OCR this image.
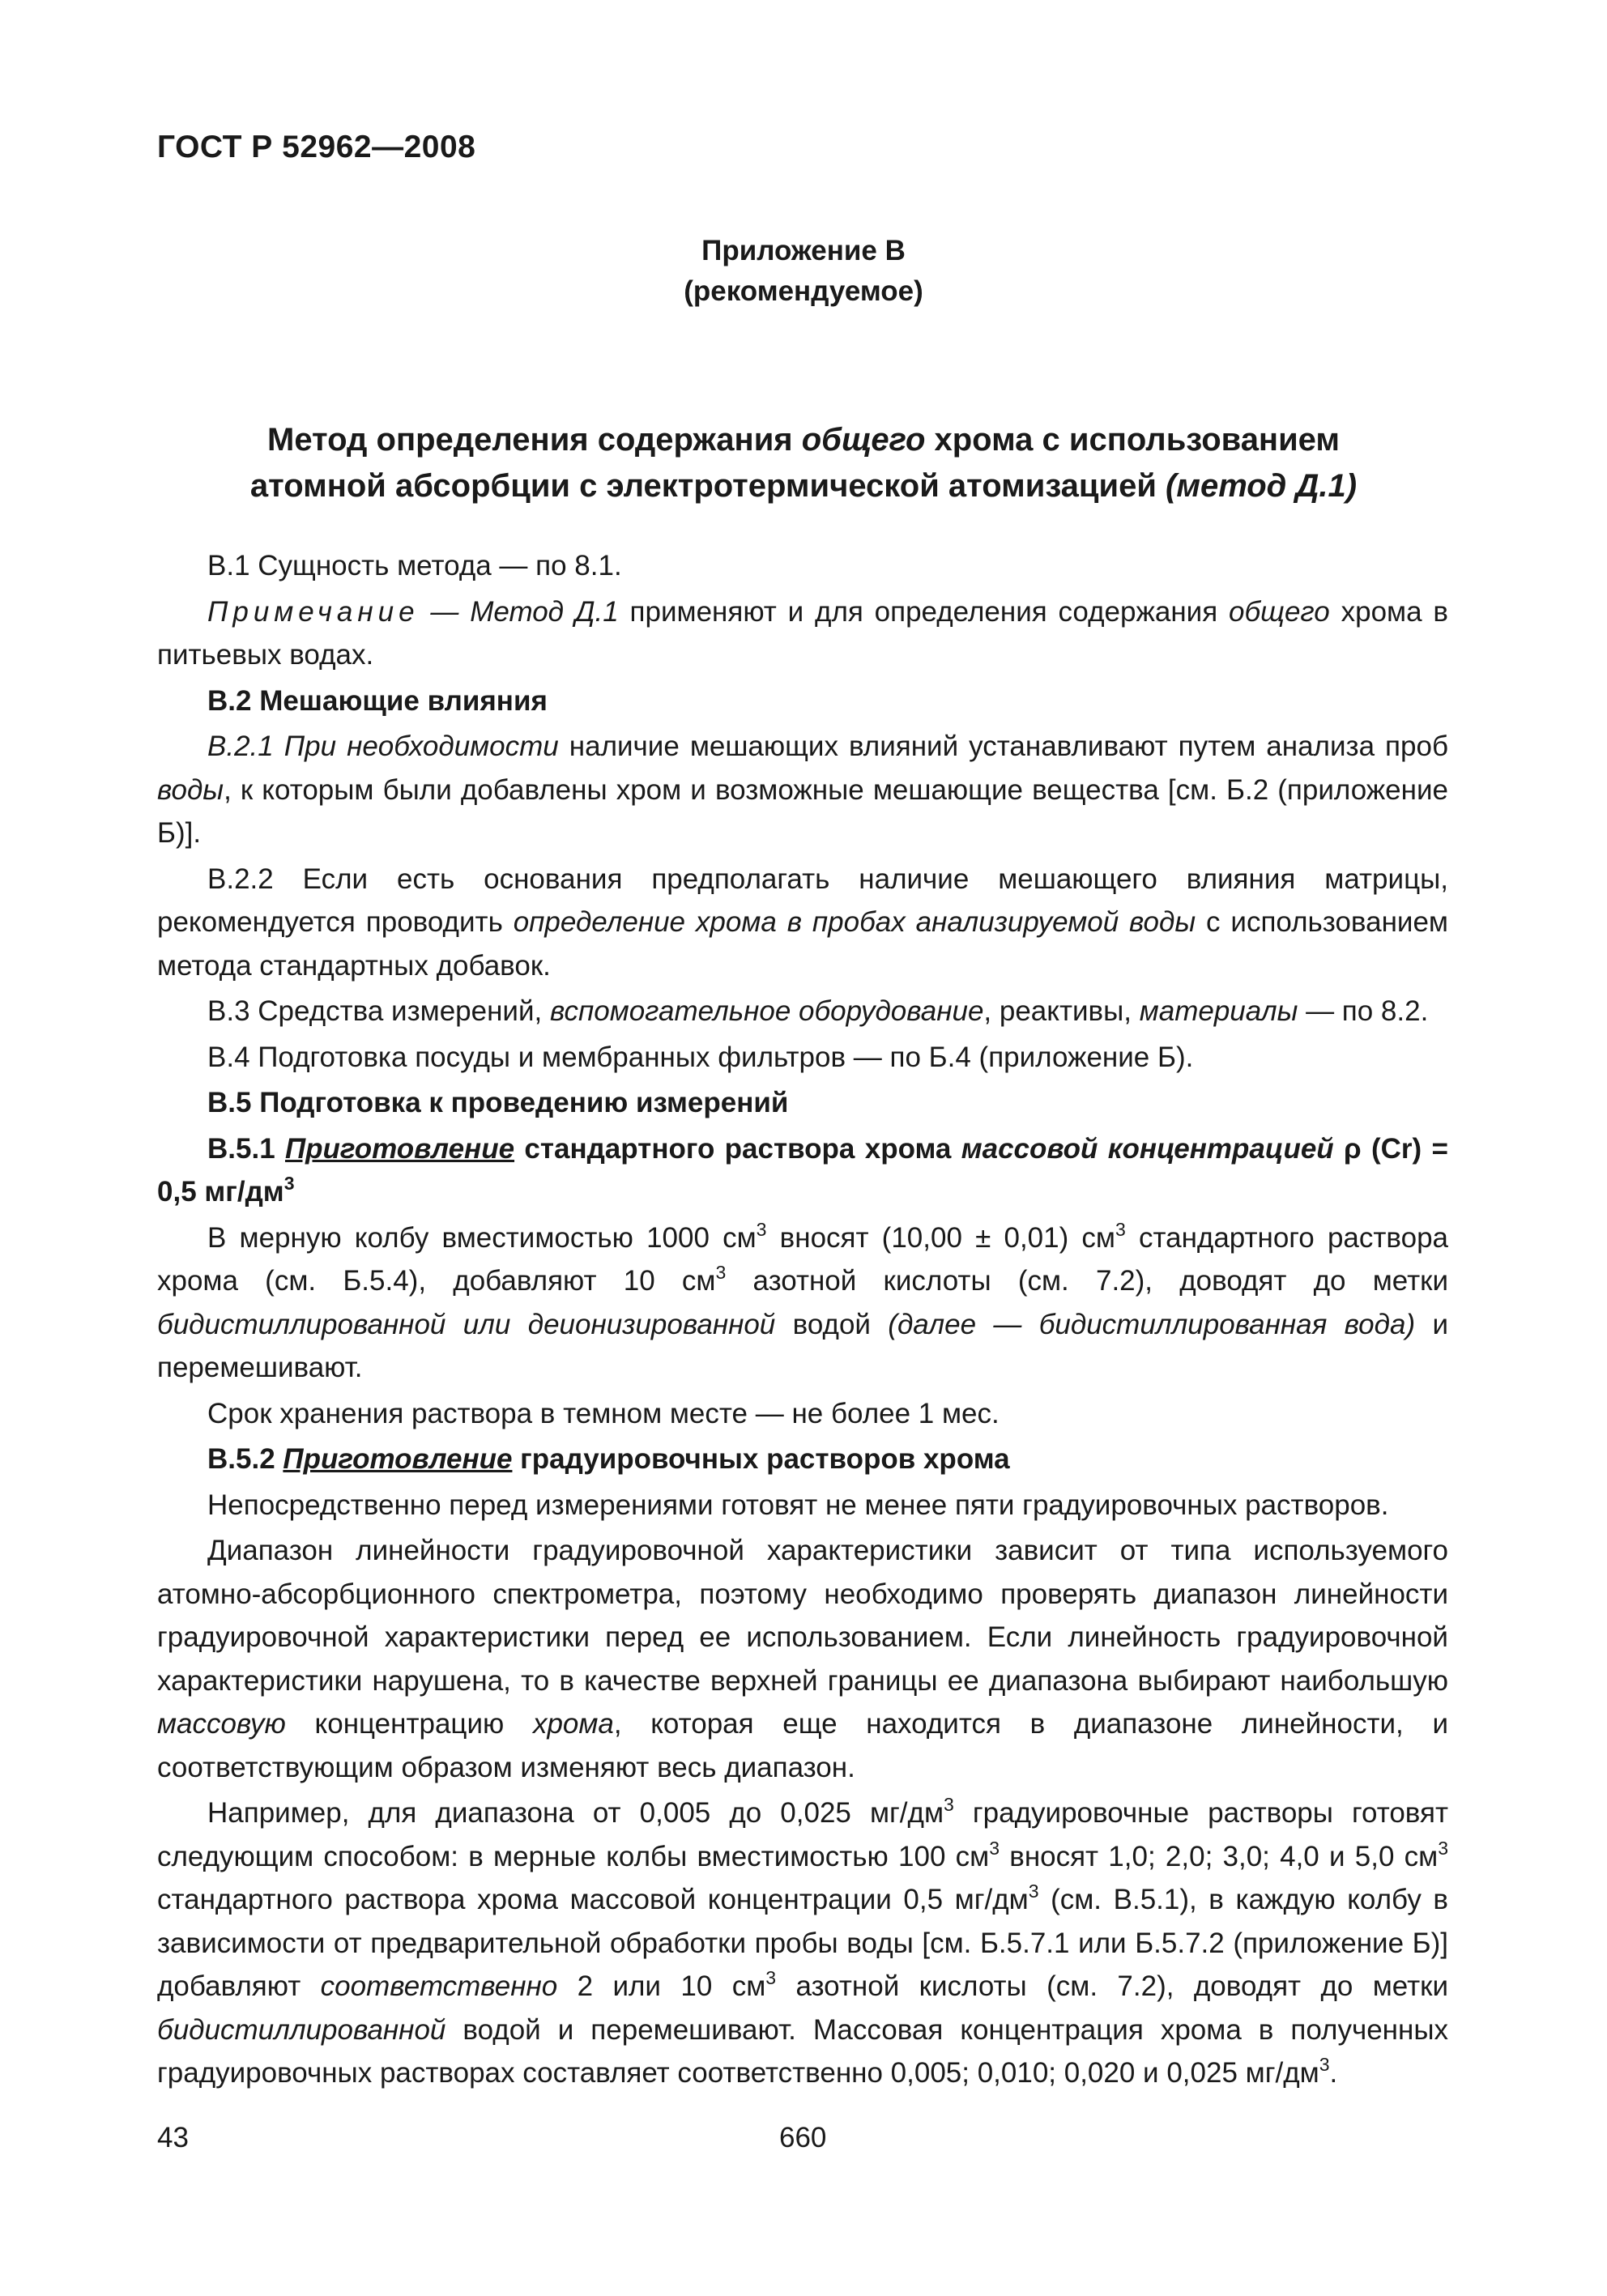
ГОСТ Р 52962—2008
Приложение В
(рекомендуемое)
Метод определения содержания общего хрома с использованием
атомной абсорбции с электротермической атомизацией (метод Д.1)

В.1 Сущность метода — по 8.1.

Примечание — Метод Д.1 применяют и для определения содержания общего хрома в питьевых водах.

В.2 Мешающие влияния

В.2.1 При необходимости наличие мешающих влияний устанавливают путем анализа проб воды, к которым были добавлены хром и возможные мешающие вещества [см. Б.2 (приложение Б)].

В.2.2 Если есть основания предполагать наличие мешающего влияния матрицы, рекомендуется проводить определение хрома в пробах анализируемой воды с использованием метода стандартных добавок.

В.3 Средства измерений, вспомогательное оборудование, реактивы, материалы — по 8.2.

В.4 Подготовка посуды и мембранных фильтров — по Б.4 (приложение Б).

В.5 Подготовка к проведению измерений

В.5.1 Приготовление стандартного раствора хрома массовой концентрацией ρ (Cr) = 0,5 $мг/дм^3$

В мерную колбу вместимостью 1000 $см^3$ вносят (10,00 ± 0,01) $см^3$ стандартного раствора хрома (см. Б.5.4), добавляют 10 $см^3$ азотной кислоты (см. 7.2), доводят до метки бидистиллированной или деионизированной водой (далее — бидистиллированная вода) и перемешивают.

Срок хранения раствора в темном месте — не более 1 мес.

В.5.2 Приготовление градуировочных растворов хрома

Непосредственно перед измерениями готовят не менее пяти градуировочных растворов.

Диапазон линейности градуировочной характеристики зависит от типа используемого атомно-абсорбционного спектрометра, поэтому необходимо проверять диапазон линейности градуировочной характеристики перед ее использованием. Если линейность градуировочной характеристики нарушена, то в качестве верхней границы ее диапазона выбирают наибольшую массовую концентрацию хрома, которая еще находится в диапазоне линейности, и соответствующим образом изменяют весь диапазон.

Например, для диапазона от 0,005 до 0,025 $мг/дм^3$ градуировочные растворы готовят следующим способом: в мерные колбы вместимостью 100 $см^3$ вносят 1,0; 2,0; 3,0; 4,0 и 5,0 $см^3$ стандартного раствора хрома массовой концентрации 0,5 $мг/дм^3$ (см. В.5.1), в каждую колбу в зависимости от предварительной обработки пробы воды [см. Б.5.7.1 или Б.5.7.2 (приложение Б)] добавляют соответственно 2 или 10 $см^3$ азотной кислоты (см. 7.2), доводят до метки бидистиллированной водой и перемешивают. Массовая концентрация хрома в полученных градуировочных растворах составляет соответственно 0,005; 0,010; 0,020 и 0,025 $мг/дм^3$.

43	660
